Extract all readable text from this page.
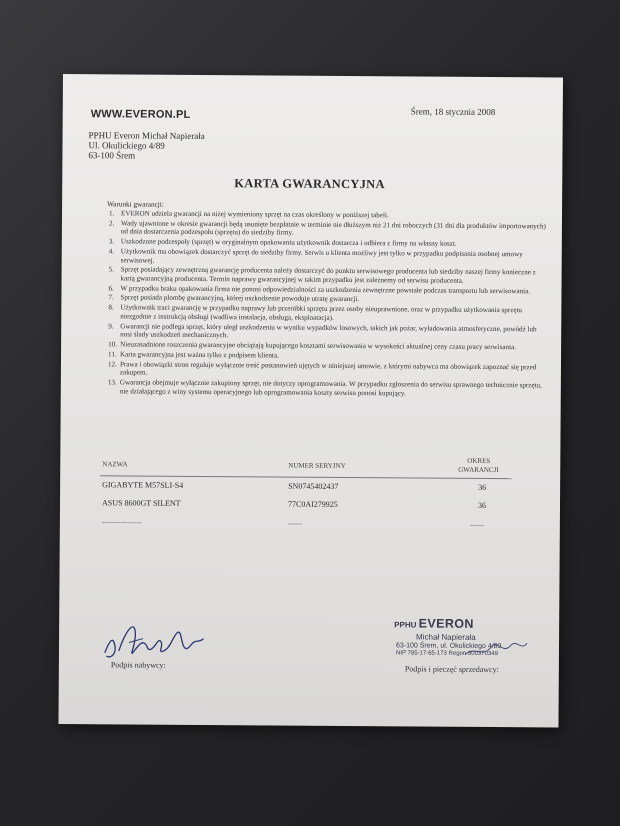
WWW.EVERON.PL	Śrem, 18 stycznia 2008
PPHU Everon Michał Napierała
Ul. Okulickiego 4/89
63-100 Śrem
KARTA GWARANCYJNA
Warunki gwarancji:
1. EVERON udziela gwarancji na niżej wymieniony sprzęt na czas określony w poniższej tabeli.
2. Wady ujawnione w okresie gwarancji będą usunięte bezpłatnie w terminie nie dłuższym niż 21 dni roboczych (31 dni dla produktów importowanych) od dnia dostarczenia podzespołu (sprzętu) do siedziby firmy.
3. Uszkodzone podzespoły (sprzęt) w oryginalnym opakowaniu użytkownik dostarcza i odbiera z firmy na własny koszt.
4. Użytkownik ma obowiązek dostarczyć sprzęt do siedziby firmy. Serwis u klienta możliwy jest tylko w przypadku podpisania osobnej umowy serwisowej.
5. Sprzęt posiadający zewnętrzną gwarancję producenta należy dostarczyć do punktu serwisowego producenta lub siedziby naszej firmy konieczne z kartą gwarancyjną producenta. Termin naprawy gwarancyjnej w takim przypadku jest zależnemy od serwisu producenta.
6. W przypadku braku opakowania firma nie ponosi odpowiedzialności za uszkodzenia zewnętrzne powstałe podczas transportu lub serwisowania.
7. Sprzęt posiada plombę gwarancyjną, której uszkodzenie powoduje utratę gwarancji.
8. Użytkownik traci gwarancję w przypadku naprawy lub przeróbki sprzętu przez osoby nieuprawnione, oraz w przypadku użytkowania sprzętu niezgodnie z instrukcją obsługi (wadliwa instalacja, obsługa, eksploatacja).
9. Gwarancji nie podlega sprzęt, który uległ uszkodzeniu w wyniku wypadków losowych, takich jak pożar, wyładowania atmosferyczne, powódź lub nosi ślady uszkodzeń mechanicznych.
10. Nieuzasadnione roszczenia gwarancyjne obciążają kupującego kosztami serwisowania w wysokości aktualnej ceny czasu pracy serwisanta.
11. Karta gwarancyjna jest ważna tylko z podpisem klienta.
12. Prawa i obowiązki stron reguluje wyłącznie treść postanowień ujętych w niniejszej umowie, z którymi nabywca ma obowiązek zapoznać się przed zakupem.
13. Gwarancja obejmuje wyłącznie zakupiony sprzęt, nie dotyczy oprogramowania. W przypadku zgłoszenia do serwisu sprawnego technicznie sprzętu, nie działającego z winy systemu operacyjnego lub oprogramowania koszty serwisu ponosi kupujący.
NAZWA	NUMER SERYJNY
OKRES
GWARANCJI
GIGABYTE M57SLI-S4	SN0745402437	36
ASUS 8600GT SILENT	77C0AI279925	36
-----------------	------	------
Podpis nabywcy:
PPHU EVERON
Michał Napierała
63-100 Śrem, ul. Okulickiego 4/89
NIP 785-17-85-173 Regon 300370349
Podpis i pieczęć sprzedawcy:
